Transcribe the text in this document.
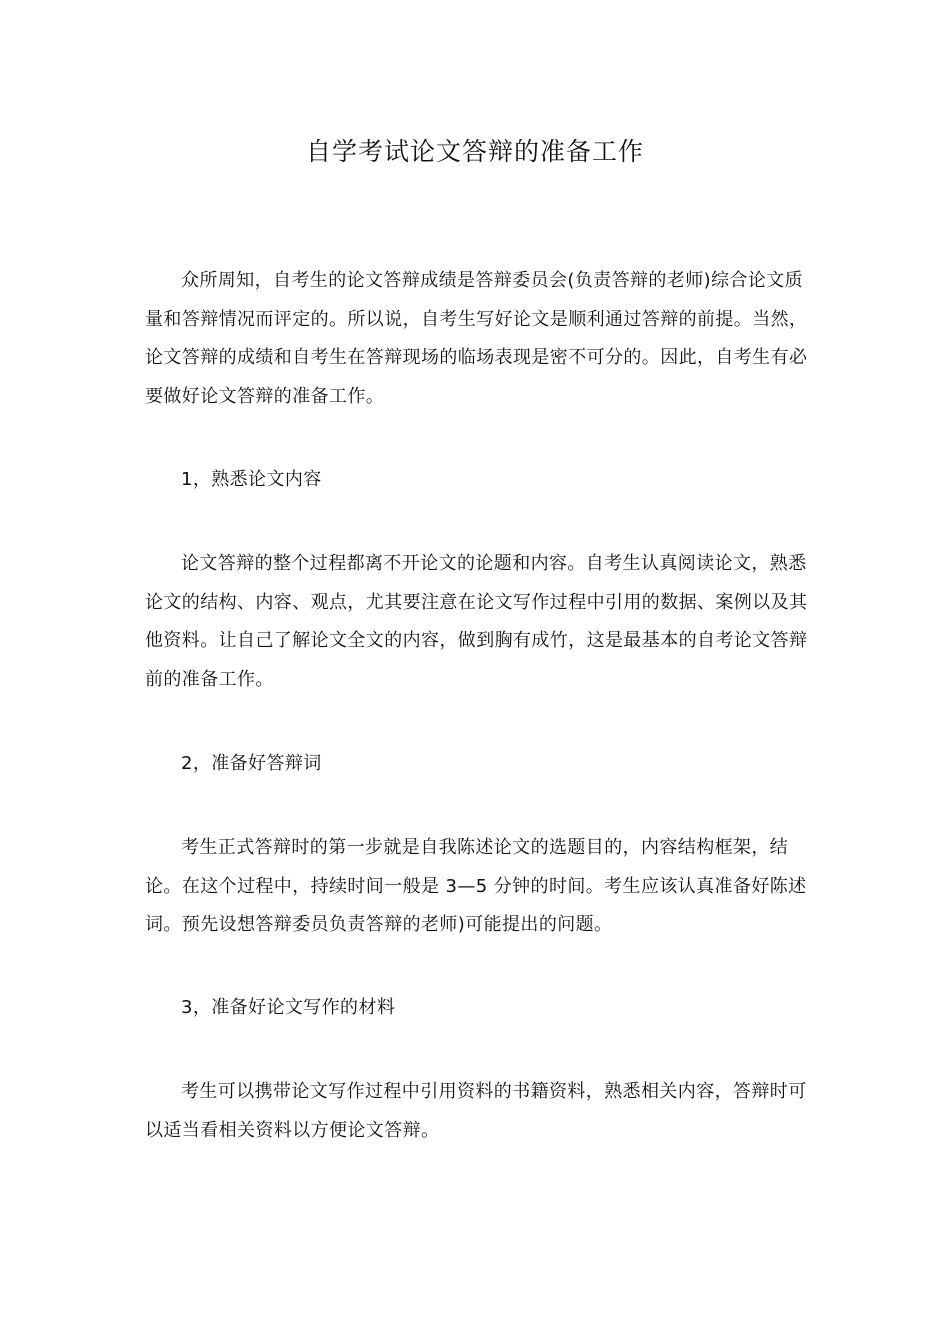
自学考试论文答辩的准备工作

众所周知，自考生的论文答辩成绩是答辩委员会(负责答辩的老师)综合论文质量和答辩情况而评定的。所以说，自考生写好论文是顺利通过答辩的前提。当然，论文答辩的成绩和自考生在答辩现场的临场表现是密不可分的。因此，自考生有必要做好论文答辩的准备工作。

1，熟悉论文内容

论文答辩的整个过程都离不开论文的论题和内容。自考生认真阅读论文，熟悉论文的结构、内容、观点，尤其要注意在论文写作过程中引用的数据、案例以及其他资料。让自己了解论文全文的内容，做到胸有成竹，这是最基本的自考论文答辩前的准备工作。

2，准备好答辩词

考生正式答辩时的第一步就是自我陈述论文的选题目的，内容结构框架，结论。在这个过程中，持续时间一般是 3—5 分钟的时间。考生应该认真准备好陈述词。预先设想答辩委员负责答辩的老师)可能提出的问题。

3，准备好论文写作的材料

考生可以携带论文写作过程中引用资料的书籍资料，熟悉相关内容，答辩时可以适当看相关资料以方便论文答辩。
